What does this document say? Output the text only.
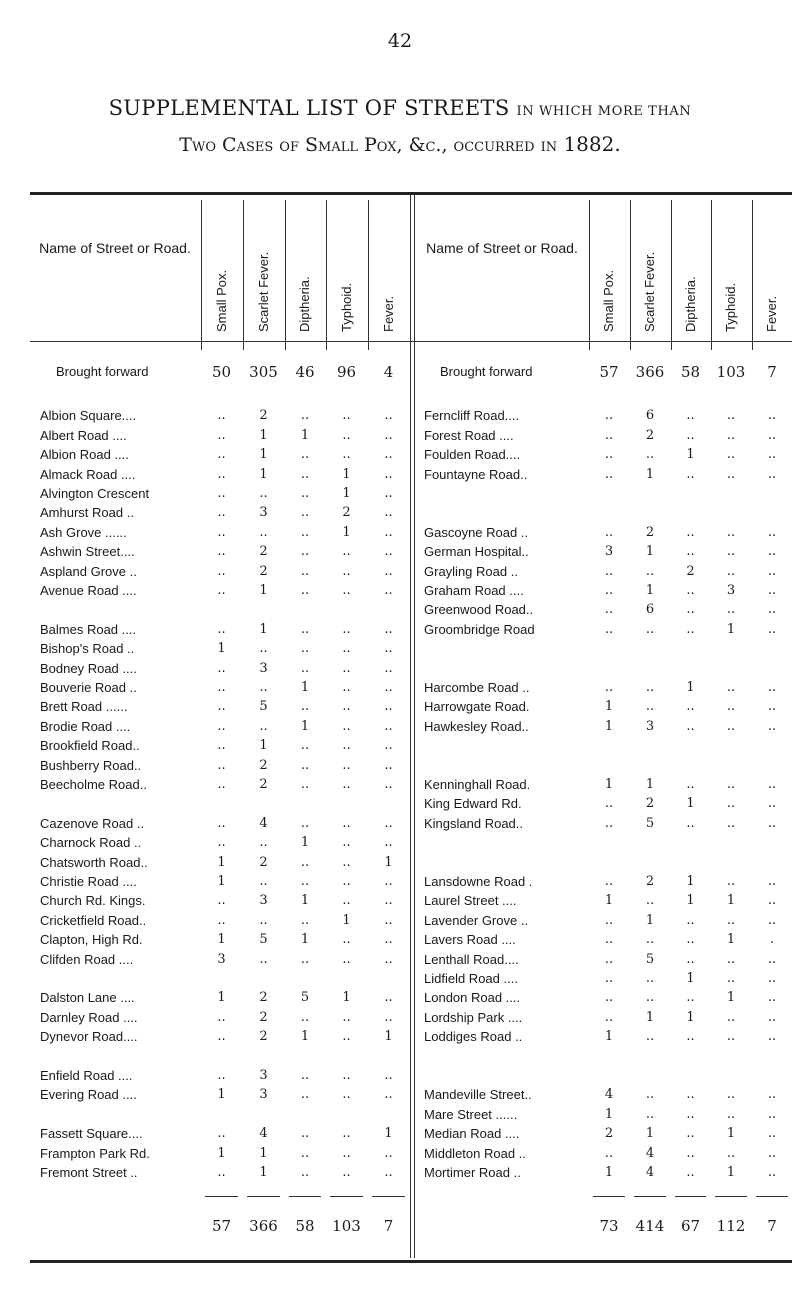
42
SUPPLEMENTAL LIST OF STREETS IN WHICH MORE THAN
Two Cases of Small Pox, &c., occurred in 1882.
Name of Street or Road.	Name of Street or Road.
Brought forward	50	305	46	96	4
Albion Square....	..	2	..	..	..
Albert Road ....	..	1	1	..	..
Albion Road ....	..	1	..	..	..
Almack Road ....	..	1	..	1	..
Alvington Crescent	..	..	..	1	..
Amhurst Road ..	..	3	..	2	..
Ash Grove ......	..	..	..	1	..
Ashwin Street....	..	2	..	..	..
Aspland Grove ..	..	2	..	..	..
Avenue Road ....	..	1	..	..	..
Balmes Road ....	..	1	..	..	..
Bishop's Road ..	1	..	..	..	..
Bodney Road ....	..	3	..	..	..
Bouverie Road ..	..	..	1	..	..
Brett Road ......	..	5	..	..	..
Brodie Road ....	..	..	1	..	..
Brookfield Road..	..	1	..	..	..
Bushberry Road..	..	2	..	..	..
Beecholme Road..	..	2	..	..	..
Cazenove Road ..	..	4	..	..	..
Charnock Road ..	..	..	1	..	..
Chatsworth Road..	1	2	..	..	1
Christie Road ....	1	..	..	..	..
Church Rd. Kings.	..	3	1	..	..
Cricketfield Road..	..	..	..	1	..
Clapton, High Rd.	1	5	1	..	..
Clifden Road ....	3	..	..	..	..
Dalston Lane ....	1	2	5	1	..
Darnley Road ....	..	2	..	..	..
Dynevor Road....	..	2	1	..	1
Enfield Road ....	..	3	..	..	..
Evering Road ....	1	3	..	..	..
Fassett Square....	..	4	..	..	1
Frampton Park Rd.	1	1	..	..	..
Fremont Street ..	..	1	..	..	..
Brought forward	57	366	58	103	7
Ferncliff Road....	..	6	..	..	..
Forest Road ....	..	2	..	..	..
Foulden Road....	..	..	1	..	..
Fountayne Road..	..	1	..	..	..
Gascoyne Road ..	..	2	..	..	..
German Hospital..	3	1	..	..	..
Grayling Road ..	..	..	2	..	..
Graham Road ....	..	1	..	3	..
Greenwood Road..	..	6	..	..	..
Groombridge Road	..	..	..	1	..
Harcombe Road ..	..	..	1	..	..
Harrowgate Road.	1	..	..	..	..
Hawkesley Road..	1	3	..	..	..
Kenninghall Road.	1	1	..	..	..
King Edward Rd.	..	2	1	..	..
Kingsland Road..	..	5	..	..	..
Lansdowne Road .	..	2	1	..	..
Laurel Street ....	1	..	1	1	..
Lavender Grove ..	..	1	..	..	..
Lavers Road ....	..	..	..	1	.
Lenthall Road....	..	5	..	..	..
Lidfield Road ....	..	..	1	..	..
London Road ....	..	..	..	1	..
Lordship Park ....	..	1	1	..	..
Loddiges Road ..	1	..	..	..	..
Mandeville Street..	4	..	..	..	..
Mare Street ......	1	..	..	..	..
Median Road ....	2	1	..	1	..
Middleton Road ..	..	4	..	..	..
Mortimer Road ..	1	4	..	1	..
Small Pox. Scarlet Fever. Diptheria. Typhoid. Fever.
57	366	58	103	7
Small Pox. Scarlet Fever. Diptheria. Typhoid. Fever.
73	414	67	112	7
